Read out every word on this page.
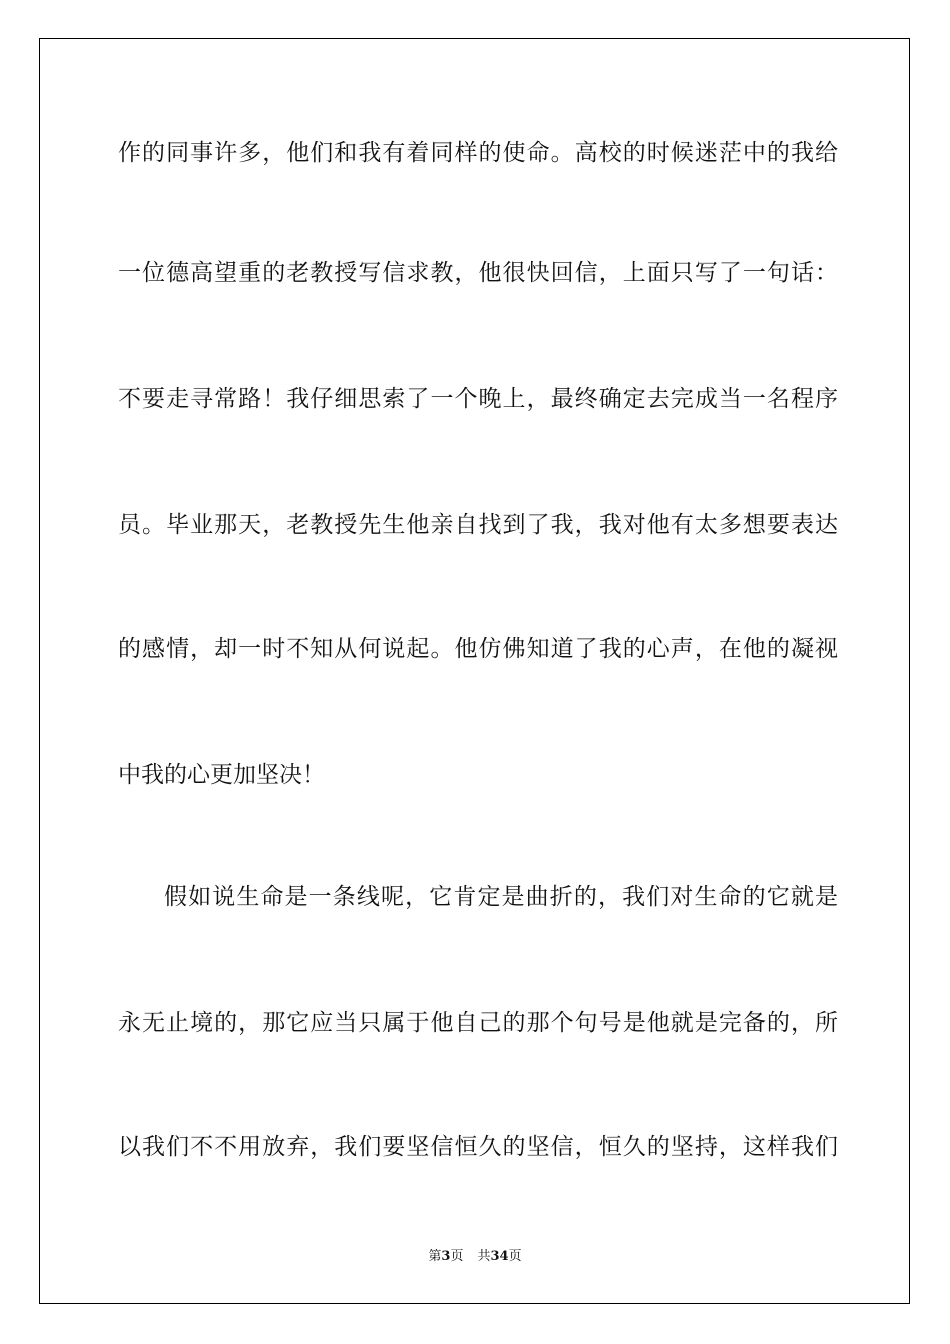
作的同事许多，他们和我有着同样的使命。高校的时候迷茫中的我给
一位德高望重的老教授写信求教，他很快回信，上面只写了一句话：
不要走寻常路！我仔细思索了一个晚上，最终确定去完成当一名程序
员。毕业那天，老教授先生他亲自找到了我，我对他有太多想要表达
的感情，却一时不知从何说起。他仿佛知道了我的心声，在他的凝视
中我的心更加坚决！
假如说生命是一条线呢，它肯定是曲折的，我们对生命的它就是
永无止境的，那它应当只属于他自己的那个句号是他就是完备的，所
以我们不不用放弃，我们要坚信恒久的坚信，恒久的坚持，这样我们
第3页 共34页
